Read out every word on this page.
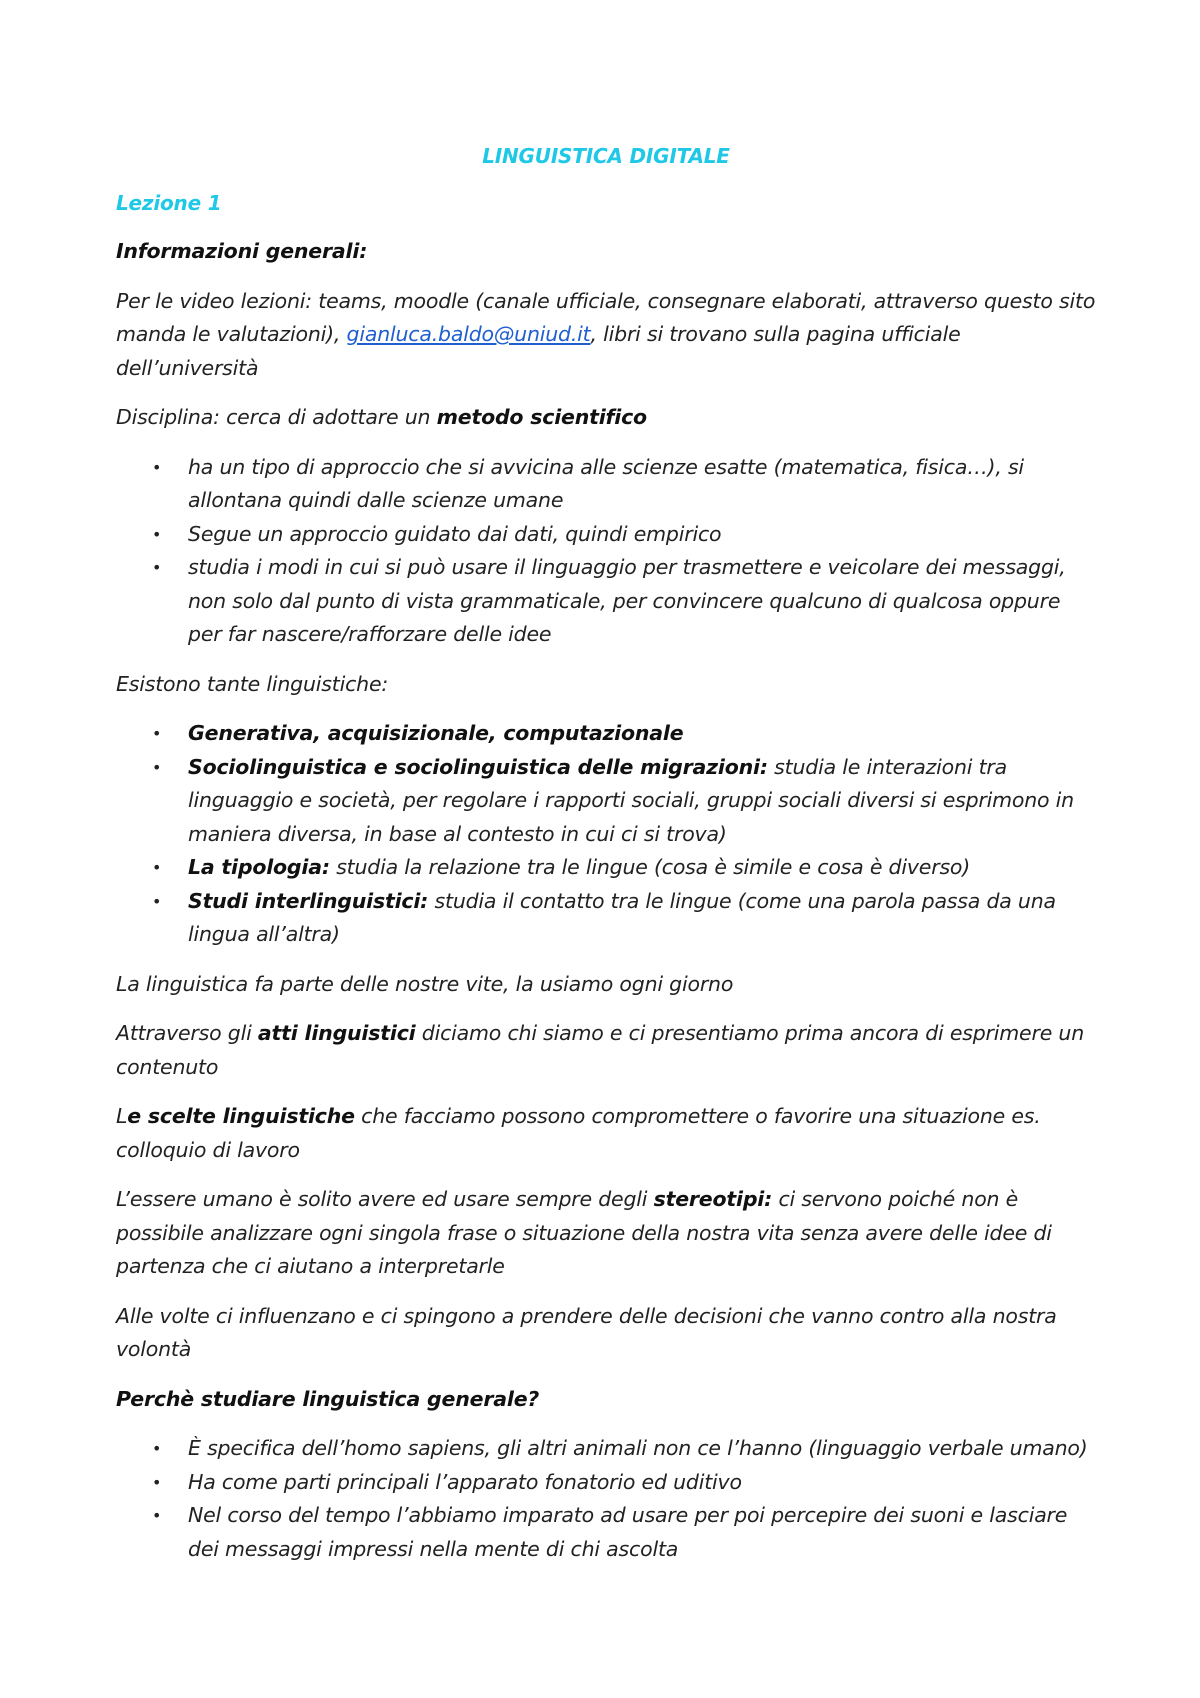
LINGUISTICA DIGITALE
Lezione 1

Informazioni generali:

Per le video lezioni: teams, moodle (canale ufficiale, consegnare elaborati, attraverso questo sito manda le valutazioni), gianluca.baldo@uniud.it, libri si trovano sulla pagina ufficiale dell’università

Disciplina: cerca di adottare un metodo scientifico

• ha un tipo di approccio che si avvicina alle scienze esatte (matematica, fisica…), si allontana quindi dalle scienze umane
• Segue un approccio guidato dai dati, quindi empirico
• studia i modi in cui si può usare il linguaggio per trasmettere e veicolare dei messaggi, non solo dal punto di vista grammaticale, per convincere qualcuno di qualcosa oppure per far nascere/rafforzare delle idee

Esistono tante linguistiche:

• Generativa, acquisizionale, computazionale
• Sociolinguistica e sociolinguistica delle migrazioni: studia le interazioni tra linguaggio e società, per regolare i rapporti sociali, gruppi sociali diversi si esprimono in maniera diversa, in base al contesto in cui ci si trova)
• La tipologia: studia la relazione tra le lingue (cosa è simile e cosa è diverso)
• Studi interlinguistici: studia il contatto tra le lingue (come una parola passa da una lingua all’altra)

La linguistica fa parte delle nostre vite, la usiamo ogni giorno

Attraverso gli atti linguistici diciamo chi siamo e ci presentiamo prima ancora di esprimere un contenuto

Le scelte linguistiche che facciamo possono compromettere o favorire una situazione es. colloquio di lavoro

L’essere umano è solito avere ed usare sempre degli stereotipi: ci servono poiché non è possibile analizzare ogni singola frase o situazione della nostra vita senza avere delle idee di partenza che ci aiutano a interpretarle

Alle volte ci influenzano e ci spingono a prendere delle decisioni che vanno contro alla nostra volontà

Perchè studiare linguistica generale?

• È specifica dell’homo sapiens, gli altri animali non ce l’hanno (linguaggio verbale umano)
• Ha come parti principali l’apparato fonatorio ed uditivo
• Nel corso del tempo l’abbiamo imparato ad usare per poi percepire dei suoni e lasciare dei messaggi impressi nella mente di chi ascolta
